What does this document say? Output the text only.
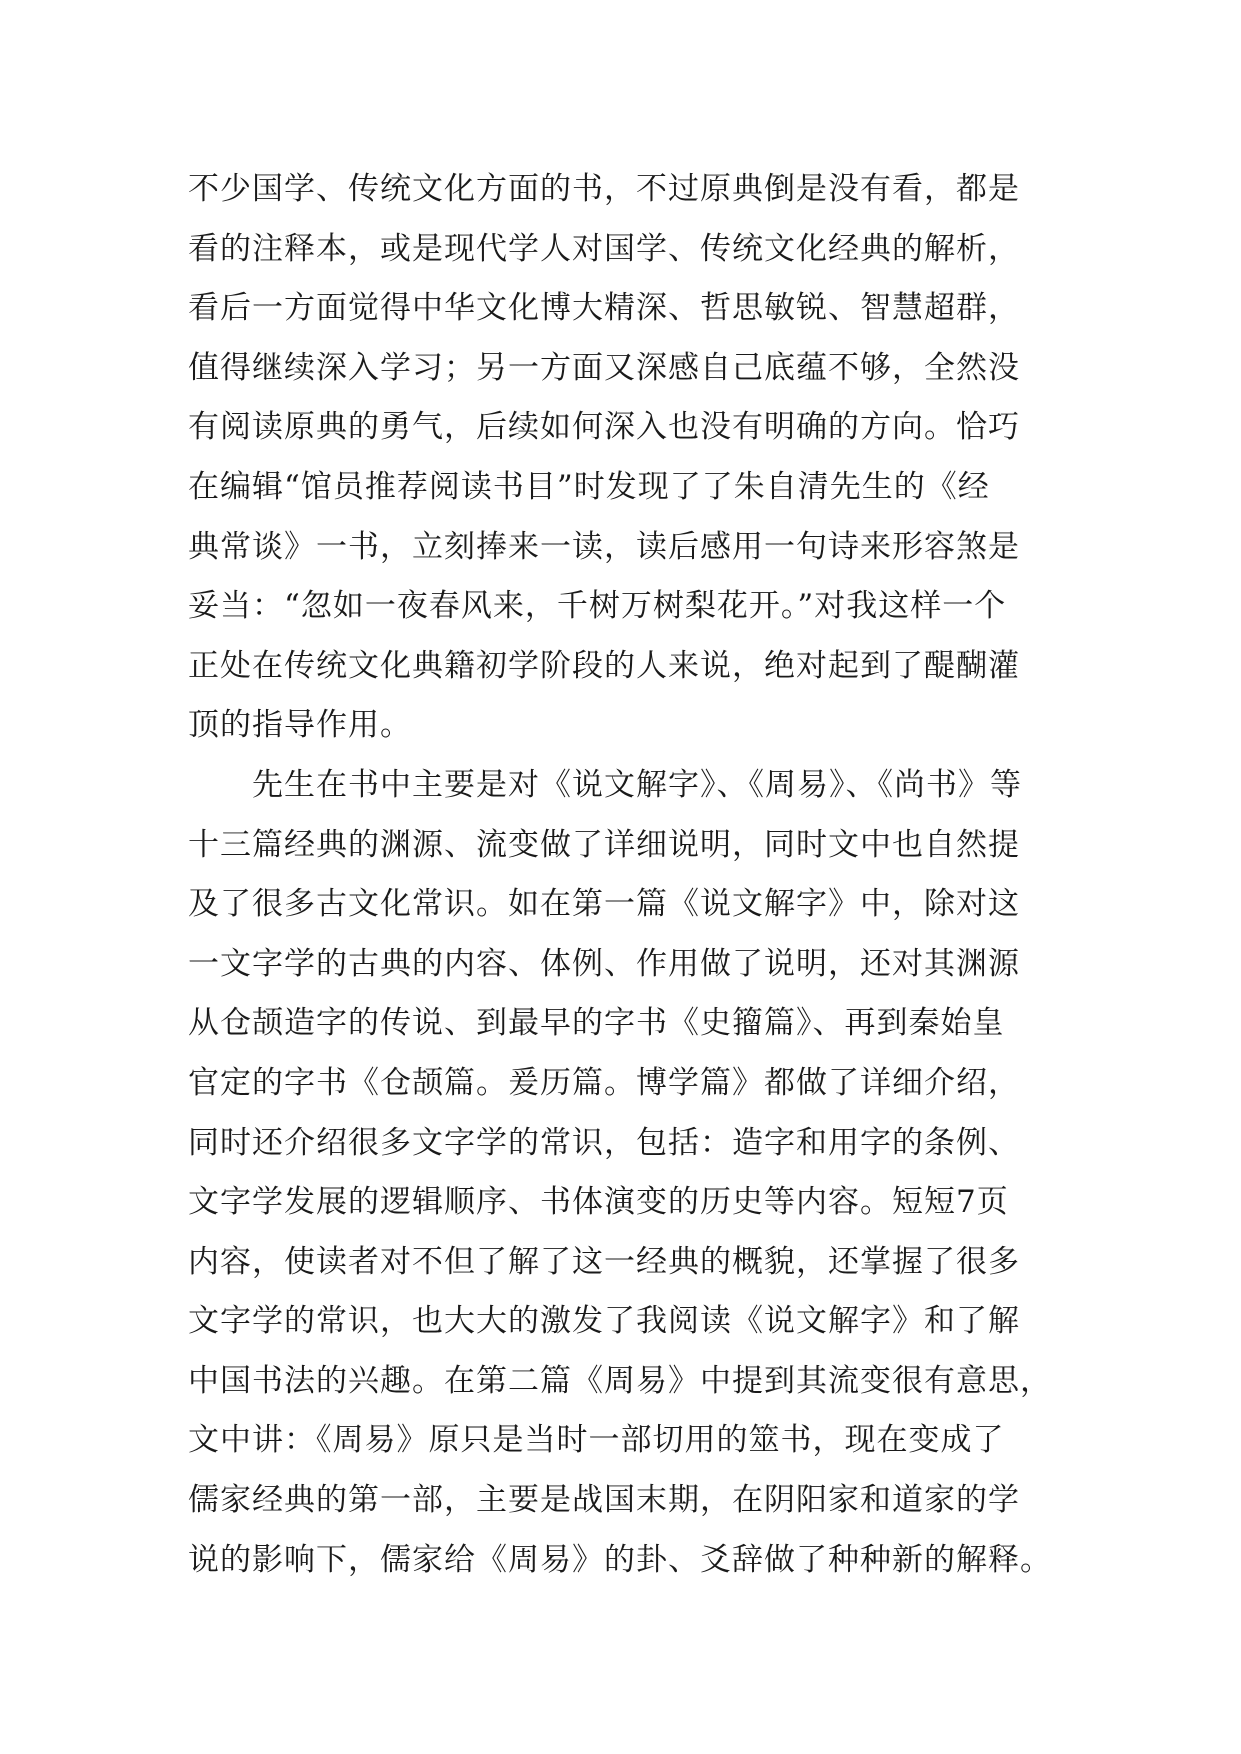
不少国学、传统文化方面的书，不过原典倒是没有看，都是
看的注释本，或是现代学人对国学、传统文化经典的解析，
看后一方面觉得中华文化博大精深、哲思敏锐、智慧超群，
值得继续深入学习；另一方面又深感自己底蕴不够，全然没
有阅读原典的勇气，后续如何深入也没有明确的方向。恰巧
在编辑“馆员推荐阅读书目”时发现了了朱自清先生的《经
典常谈》一书，立刻捧来一读，读后感用一句诗来形容煞是
妥当：“忽如一夜春风来，千树万树梨花开。”对我这样一个
正处在传统文化典籍初学阶段的人来说，绝对起到了醍醐灌
顶的指导作用。
　　先生在书中主要是对《说文解字》、《周易》、《尚书》等
十三篇经典的渊源、流变做了详细说明，同时文中也自然提
及了很多古文化常识。如在第一篇《说文解字》中，除对这
一文字学的古典的内容、体例、作用做了说明，还对其渊源
从仓颉造字的传说、到最早的字书《史籀篇》、再到秦始皇
官定的字书《仓颉篇。爰历篇。博学篇》都做了详细介绍，
同时还介绍很多文字学的常识，包括：造字和用字的条例、
文字学发展的逻辑顺序、书体演变的历史等内容。短短7页
内容，使读者对不但了解了这一经典的概貌，还掌握了很多
文字学的常识，也大大的激发了我阅读《说文解字》和了解
中国书法的兴趣。在第二篇《周易》中提到其流变很有意思，
文中讲：《周易》原只是当时一部切用的筮书，现在变成了
儒家经典的第一部，主要是战国末期，在阴阳家和道家的学
说的影响下，儒家给《周易》的卦、爻辞做了种种新的解释。
